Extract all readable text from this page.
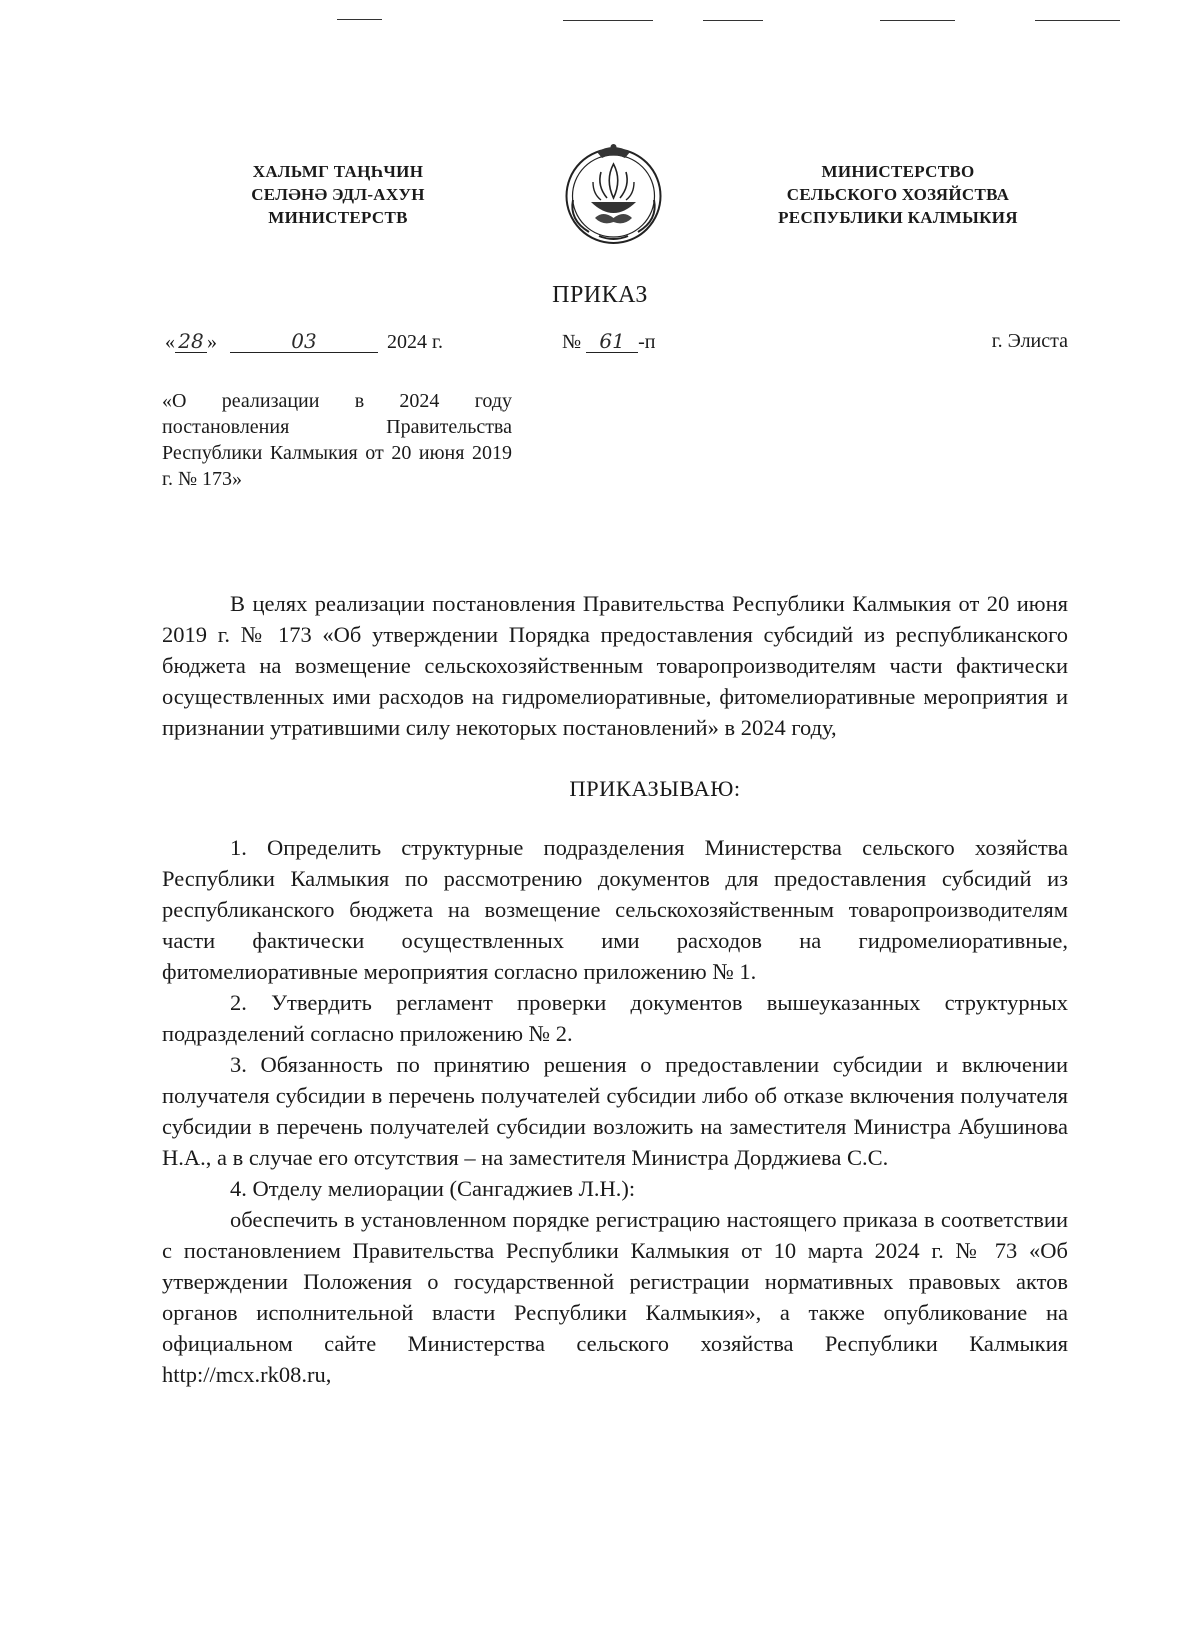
ХАЛЬМГ ТАҢҺЧИН
СЕЛӘНӘ ЭДЛ-АХУН
МИНИСТЕРСТВ
МИНИСТЕРСТВО
СЕЛЬСКОГО ХОЗЯЙСТВА
РЕСПУБЛИКИ КАЛМЫКИЯ
ПРИКАЗ
« 28 »	03	2024 г.	№ 61 -п	г. Элиста
«О реализации в 2024 году постановления Правительства Республики Калмыкия от 20 июня 2019 г. № 173»

В целях реализации постановления Правительства Республики Калмыкия от 20 июня 2019 г. № 173 «Об утверждении Порядка предоставления субсидий из республиканского бюджета на возмещение сельскохозяйственным товаропроизводителям части фактически осуществленных ими расходов на гидромелиоративные, фитомелиоративные мероприятия и признании утратившими силу некоторых постановлений» в 2024 году,

ПРИКАЗЫВАЮ:

1. Определить структурные подразделения Министерства сельского хозяйства Республики Калмыкия по рассмотрению документов для предоставления субсидий из республиканского бюджета на возмещение сельскохозяйственным товаропроизводителям части фактически осуществленных ими расходов на гидромелиоративные, фитомелиоративные мероприятия согласно приложению № 1.

2. Утвердить регламент проверки документов вышеуказанных структурных подразделений согласно приложению № 2.

3. Обязанность по принятию решения о предоставлении субсидии и включении получателя субсидии в перечень получателей субсидии либо об отказе включения получателя субсидии в перечень получателей субсидии возложить на заместителя Министра Абушинова Н.А., а в случае его отсутствия – на заместителя Министра Дорджиева С.С.

4. Отделу мелиорации (Сангаджиев Л.Н.):

обеспечить в установленном порядке регистрацию настоящего приказа в соответствии с постановлением Правительства Республики Калмыкия от 10 марта 2024 г. № 73 «Об утверждении Положения о государственной регистрации нормативных правовых актов органов исполнительной власти Республики Калмыкия», а также опубликование на официальном сайте Министерства сельского хозяйства Республики Калмыкия http://mcx.rk08.ru,
